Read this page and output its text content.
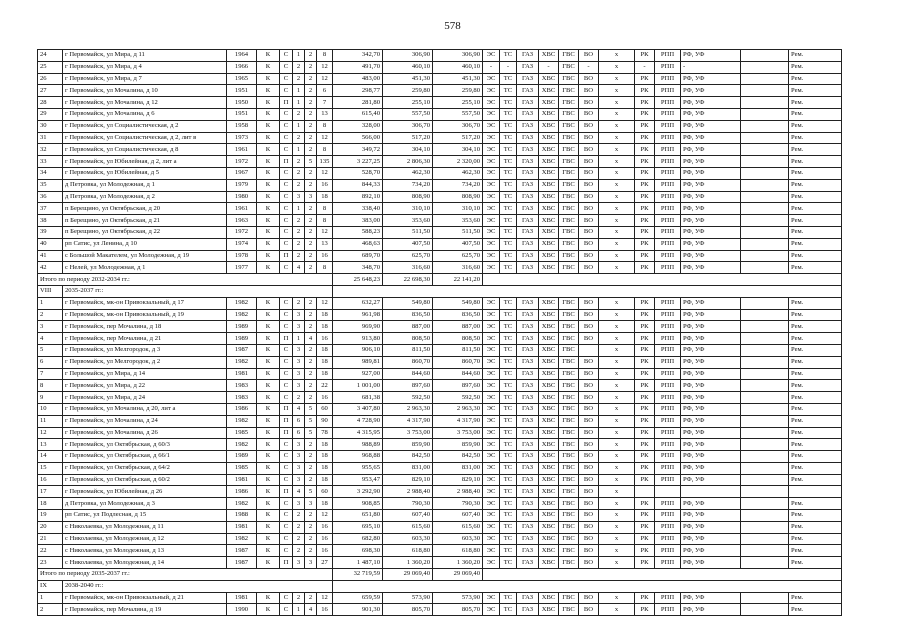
578
24	г Первомайск, ул Мира, д 11	1964	К	С	1	2	8	342,70	306,90	306,90	ЭС	ТС	ГАЗ	ХВС	ГВС	ВО	х	РК	РПП	РФ, УФ		Рем.
25	г Первомайск, ул Мира, д 4	1966	К	С	2	2	12	491,70	460,10	460,10	-	-	ГАЗ	-	ГВС	-	х	-	РПП	-		Рем.
26	г Первомайск, ул Мира, д 7	1965	К	С	2	2	12	483,00	451,30	451,30	ЭС	ТС	ГАЗ	ХВС	ГВС	ВО	х	РК	РПП	РФ, УФ		Рем.
27	г Первомайск, ул Мочалина, д 10	1951	К	С	1	2	6	298,77	259,80	259,80	ЭС	ТС	ГАЗ	ХВС	ГВС	ВО	х	РК	РПП	РФ, УФ		Рем.
28	г Первомайск, ул Мочалина, д 12	1950	К	П	1	2	7	281,80	255,10	255,10	ЭС	ТС	ГАЗ	ХВС	ГВС	ВО	х	РК	РПП	РФ, УФ		Рем.
29	г Первомайск, ул Мочалина, д 6	1951	К	С	2	2	13	615,40	557,50	557,50	ЭС	ТС	ГАЗ	ХВС	ГВС	ВО	х	РК	РПП	РФ, УФ		Рем.
30	г Первомайск, ул Социалистическая, д 2	1958	К	С	1	2	8	328,00	306,70	306,70	ЭС	ТС	ГАЗ	ХВС	ГВС	ВО	х	РК	РПП	РФ, УФ		Рем.
31	г Первомайск, ул Социалистическая, д 2, лит в	1973	К	С	2	2	12	566,00	517,20	517,20	ЭС	ТС	ГАЗ	ХВС	ГВС	ВО	х	РК	РПП	РФ, УФ		Рем.
32	г Первомайск, ул Социалистическая, д 8	1961	К	С	1	2	8	349,72	304,10	304,10	ЭС	ТС	ГАЗ	ХВС	ГВС	ВО	х	РК	РПП	РФ, УФ		Рем.
33	г Первомайск, ул Юбилейная, д 2, лит а	1972	К	П	2	5	135	3 227,25	2 806,30	2 320,00	ЭС	ТС	ГАЗ	ХВС	ГВС	ВО	х	РК	РПП	РФ, УФ		Рем.
34	г Первомайск, ул Юбилейная, д 5	1967	К	С	2	2	12	528,70	462,30	462,30	ЭС	ТС	ГАЗ	ХВС	ГВС	ВО	х	РК	РПП	РФ, УФ		Рем.
35	д Петровка, ул Молодежная, д 1	1979	К	С	2	2	16	844,33	734,20	734,20	ЭС	ТС	ГАЗ	ХВС	ГВС	ВО	х	РК	РПП	РФ, УФ		Рем.
36	д Петровка, ул Молодежная, д 2	1980	К	С	3	3	18	892,10	808,90	808,90	ЭС	ТС	ГАЗ	ХВС	ГВС	ВО	х	РК	РПП	РФ, УФ		Рем.
37	п Берещино, ул Октябрьская, д 20	1961	К	С	1	2	8	338,40	310,10	310,10	ЭС	ТС	ГАЗ	ХВС	ГВС	ВО	х	РК	РПП	РФ, УФ		Рем.
38	п Берещино, ул Октябрьская, д 21	1963	К	С	2	2	8	383,00	353,60	353,60	ЭС	ТС	ГАЗ	ХВС	ГВС	ВО	х	РК	РПП	РФ, УФ		Рем.
39	п Берещино, ул Октябрьская, д 22	1972	К	С	2	2	12	588,23	511,50	511,50	ЭС	ТС	ГАЗ	ХВС	ГВС	ВО	х	РК	РПП	РФ, УФ		Рем.
40	рп Сатис, ул Ленина, д 10	1974	К	С	2	2	13	468,63	407,50	407,50	ЭС	ТС	ГАЗ	ХВС	ГВС	ВО	х	РК	РПП	РФ, УФ		Рем.
41	с Большой Макателем, ул Молодежная, д 19	1978	К	П	2	2	16	689,70	625,70	625,70	ЭС	ТС	ГАЗ	ХВС	ГВС	ВО	х	РК	РПП	РФ, УФ		Рем.
42	с Нелей, ул Молодежная, д 1	1977	К	С	4	2	8	348,70	316,60	316,60	ЭС	ТС	ГАЗ	ХВС	ГВС	ВО	х	РК	РПП	РФ, УФ		Рем.
Итого по периоду 2032-2034 гг.:								25 648,23	22 698,30	22 141,20												
VIII	2035-2037 гг.:																					
1	г Первомайск, мк-он Привокзальный, д 17	1982	К	С	2	2	12	632,27	549,80	549,80	ЭС	ТС	ГАЗ	ХВС	ГВС	ВО	х	РК	РПП	РФ, УФ		Рем.
2	г Первомайск, мк-он Привокзальный, д 19	1982	К	С	3	2	18	961,98	836,50	836,50	ЭС	ТС	ГАЗ	ХВС	ГВС	ВО	х	РК	РПП	РФ, УФ		Рем.
3	г Первомайск, пер Мочалина, д 18	1989	К	С	3	2	18	969,90	887,00	887,00	ЭС	ТС	ГАЗ	ХВС	ГВС	ВО	х	РК	РПП	РФ, УФ		Рем.
4	г Первомайск, пер Мочалина, д 21	1989	К	П	1	4	16	913,80	808,50	808,50	ЭС	ТС	ГАЗ	ХВС	ГВС	ВО	х	РК	РПП	РФ, УФ		Рем.
5	г Первомайск, ул Мелгородок, д 3	1987	К	С	3	2	18	906,10	811,50	811,50	ЭС	ТС	ГАЗ	ХВС	ГВС		х	РК	РПП	РФ, УФ		Рем.
6	г Первомайск, ул Мелгородок, д 2	1982	К	С	3	2	18	989,81	860,70	860,70	ЭС	ТС	ГАЗ	ХВС	ГВС	ВО	х	РК	РПП	РФ, УФ		Рем.
7	г Первомайск, ул Мира, д 14	1981	К	С	3	2	18	927,00	844,60	844,60	ЭС	ТС	ГАЗ	ХВС	ГВС	ВО	х	РК	РПП	РФ, УФ		Рем.
8	г Первомайск, ул Мира, д 22	1983	К	С	3	2	22	1 001,00	897,60	897,60	ЭС	ТС	ГАЗ	ХВС	ГВС	ВО	х	РК	РПП	РФ, УФ		Рем.
9	г Первомайск, ул Мира, д 24	1983	К	С	2	2	16	681,38	592,50	592,50	ЭС	ТС	ГАЗ	ХВС	ГВС	ВО	х	РК	РПП	РФ, УФ		Рем.
10	г Первомайск, ул Мочалина, д 20, лит а	1986	К	П	4	5	60	3 407,80	2 963,30	2 963,30	ЭС	ТС	ГАЗ	ХВС	ГВС	ВО	х	РК	РПП	РФ, УФ		Рем.
11	г Первомайск, ул Мочалина, д 24	1982	К	П	6	5	90	4 728,90	4 317,90	4 317,90	ЭС	ТС	ГАЗ	ХВС	ГВС	ВО	х	РК	РПП	РФ, УФ		Рем.
12	г Первомайск, ул Мочалина, д 26	1985	К	П	6	5	78	4 315,95	3 753,00	3 753,00	ЭС	ТС	ГАЗ	ХВС	ГВС	ВО	х	РК	РПП	РФ, УФ		Рем.
13	г Первомайск, ул Октябрьская, д 60/3	1982	К	С	3	2	18	988,89	859,90	859,90	ЭС	ТС	ГАЗ	ХВС	ГВС	ВО	х	РК	РПП	РФ, УФ		Рем.
14	г Первомайск, ул Октябрьская, д 66/1	1989	К	С	3	2	18	968,88	842,50	842,50	ЭС	ТС	ГАЗ	ХВС	ГВС	ВО	х	РК	РПП	РФ, УФ		Рем.
15	г Первомайск, ул Октябрьская, д 64/2	1985	К	С	3	2	18	955,65	831,00	831,00	ЭС	ТС	ГАЗ	ХВС	ГВС	ВО	х	РК	РПП	РФ, УФ		Рем.
16	г Первомайск, ул Октябрьская, д 60/2	1981	К	С	3	2	18	953,47	829,10	829,10	ЭС	ТС	ГАЗ	ХВС	ГВС	ВО	х	РК	РПП	РФ, УФ		Рем.
17	г Первомайск, ул Юбилейная, д 26	1986	К	П	4	5	60	3 292,90	2 988,40	2 988,40	ЭС	ТС	ГАЗ	ХВС	ГВС	ВО	х					
18	д Петровка, ул Молодежная, д 3	1982	К	С	3	3	18	908,85	790,30	790,30	ЭС	ТС	ГАЗ	ХВС	ГВС	ВО	х	РК	РПП	РФ, УФ		Рем.
19	рп Сатис, ул Подлесная, д 15	1988	К	С	2	2	12	651,80	607,40	607,40	ЭС	ТС	ГАЗ	ХВС	ГВС	ВО	х	РК	РПП	РФ, УФ		Рем.
20	с Николаевка, ул Молодежная, д 11	1981	К	С	2	2	16	695,10	615,60	615,60	ЭС	ТС	ГАЗ	ХВС	ГВС	ВО	х	РК	РПП	РФ, УФ		Рем.
21	с Николаевка, ул Молодежная, д 12	1982	К	С	2	2	16	682,80	603,30	603,30	ЭС	ТС	ГАЗ	ХВС	ГВС	ВО	х	РК	РПП	РФ, УФ		Рем.
22	с Николаевка, ул Молодежная, д 13	1987	К	С	2	2	16	698,30	618,80	618,80	ЭС	ТС	ГАЗ	ХВС	ГВС	ВО	х	РК	РПП	РФ, УФ		Рем.
23	с Николаевка, ул Молодежная, д 14	1987	К	П	3	3	27	1 487,10	1 360,20	1 360,20	ЭС	ТС	ГАЗ	ХВС	ГВС	ВО	х	РК	РПП	РФ, УФ		Рем.
Итого по периоду 2035-2037 гг.:								32 719,59	29 069,40	29 069,40												
IX	2038-2040 гг.:																					
1	г Первомайск, мк-он Привокзальный, д 21	1981	К	С	2	2	12	659,59	573,90	573,90	ЭС	ТС	ГАЗ	ХВС	ГВС	ВО	х	РК	РПП	РФ, УФ		Рем.
2	г Первомайск, пер Мочалина, д 19	1990	К	С	1	4	16	901,30	805,70	805,70	ЭС	ТС	ГАЗ	ХВС	ГВС	ВО	х	РК	РПП	РФ, УФ		Рем.
